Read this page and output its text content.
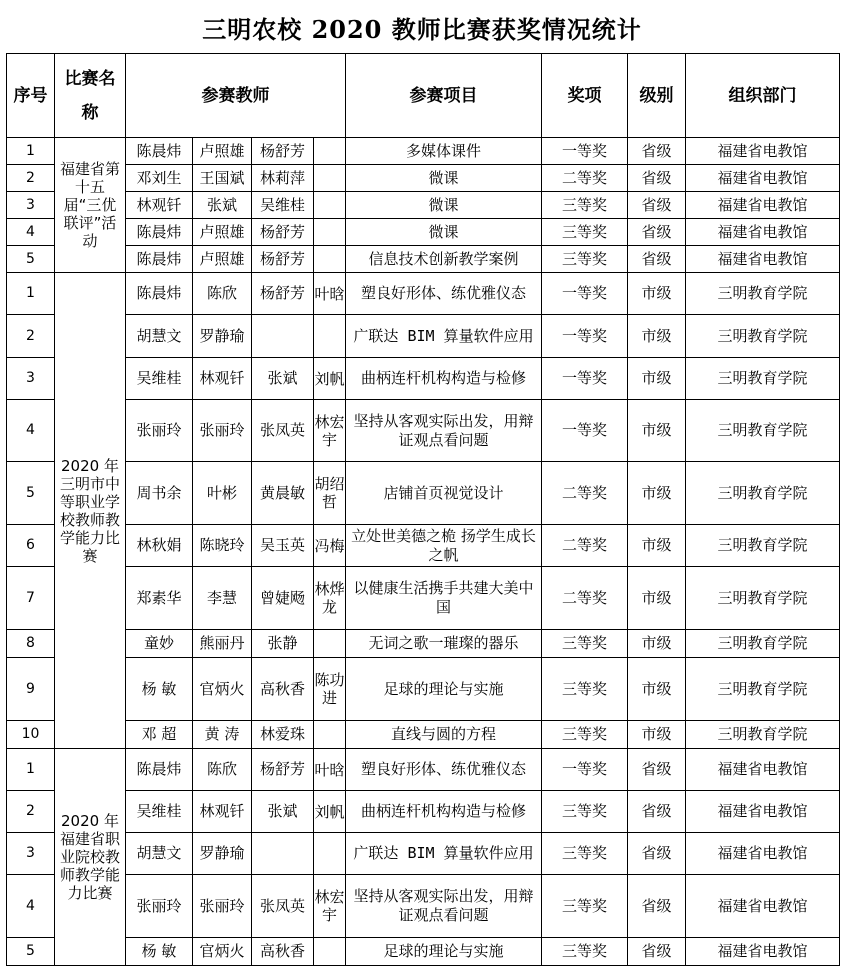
三明农校 2020 教师比赛获奖情况统计
序号	比赛名称	参赛教师				参赛项目	奖项	级别	组织部门
1	福建省第十五届“三优联评”活动	陈晨炜	卢照雄	杨舒芳		多媒体课件	一等奖	省级	福建省电教馆
2		邓刘生	王国斌	林莉萍		微课	二等奖	省级	福建省电教馆
3		林观钎	张斌	吴维桂		微课	三等奖	省级	福建省电教馆
4		陈晨炜	卢照雄	杨舒芳		微课	三等奖	省级	福建省电教馆
5		陈晨炜	卢照雄	杨舒芳		信息技术创新教学案例	三等奖	省级	福建省电教馆
1	2020 年三明市中等职业学校教师教学能力比赛	陈晨炜	陈欣	杨舒芳	叶晗	塑良好形体、练优雅仪态	一等奖	市级	三明教育学院
2		胡慧文	罗静瑜			广联达 BIM 算量软件应用	一等奖	市级	三明教育学院
3		吴维桂	林观钎	张斌	刘帆	曲柄连杆机构构造与检修	一等奖	市级	三明教育学院
4		张丽玲	张丽玲	张凤英	林宏宇	坚持从客观实际出发，用辩证观点看问题	一等奖	市级	三明教育学院
5		周书余	叶彬	黄晨敏	胡绍哲	店铺首页视觉设计	二等奖	市级	三明教育学院
6		林秋娟	陈晓玲	吴玉英	冯梅	立处世美德之桅 扬学生成长之帆	二等奖	市级	三明教育学院
7		郑素华	李慧	曾婕飏	林烨龙	以健康生活携手共建大美中国	二等奖	市级	三明教育学院
8		童妙	熊丽丹	张静		无词之歌一璀璨的器乐	三等奖	市级	三明教育学院
9		杨 敏	官炳火	高秋香	陈功进	足球的理论与实施	三等奖	市级	三明教育学院
10		邓 超	黄 涛	林爱珠		直线与圆的方程	三等奖	市级	三明教育学院
1	2020 年福建省职业院校教师教学能力比赛	陈晨炜	陈欣	杨舒芳	叶晗	塑良好形体、练优雅仪态	一等奖	省级	福建省电教馆
2		吴维桂	林观钎	张斌	刘帆	曲柄连杆机构构造与检修	三等奖	省级	福建省电教馆
3		胡慧文	罗静瑜			广联达 BIM 算量软件应用	三等奖	省级	福建省电教馆
4		张丽玲	张丽玲	张凤英	林宏宇	坚持从客观实际出发，用辩证观点看问题	三等奖	省级	福建省电教馆
5		杨 敏	官炳火	高秋香		足球的理论与实施	三等奖	省级	福建省电教馆
